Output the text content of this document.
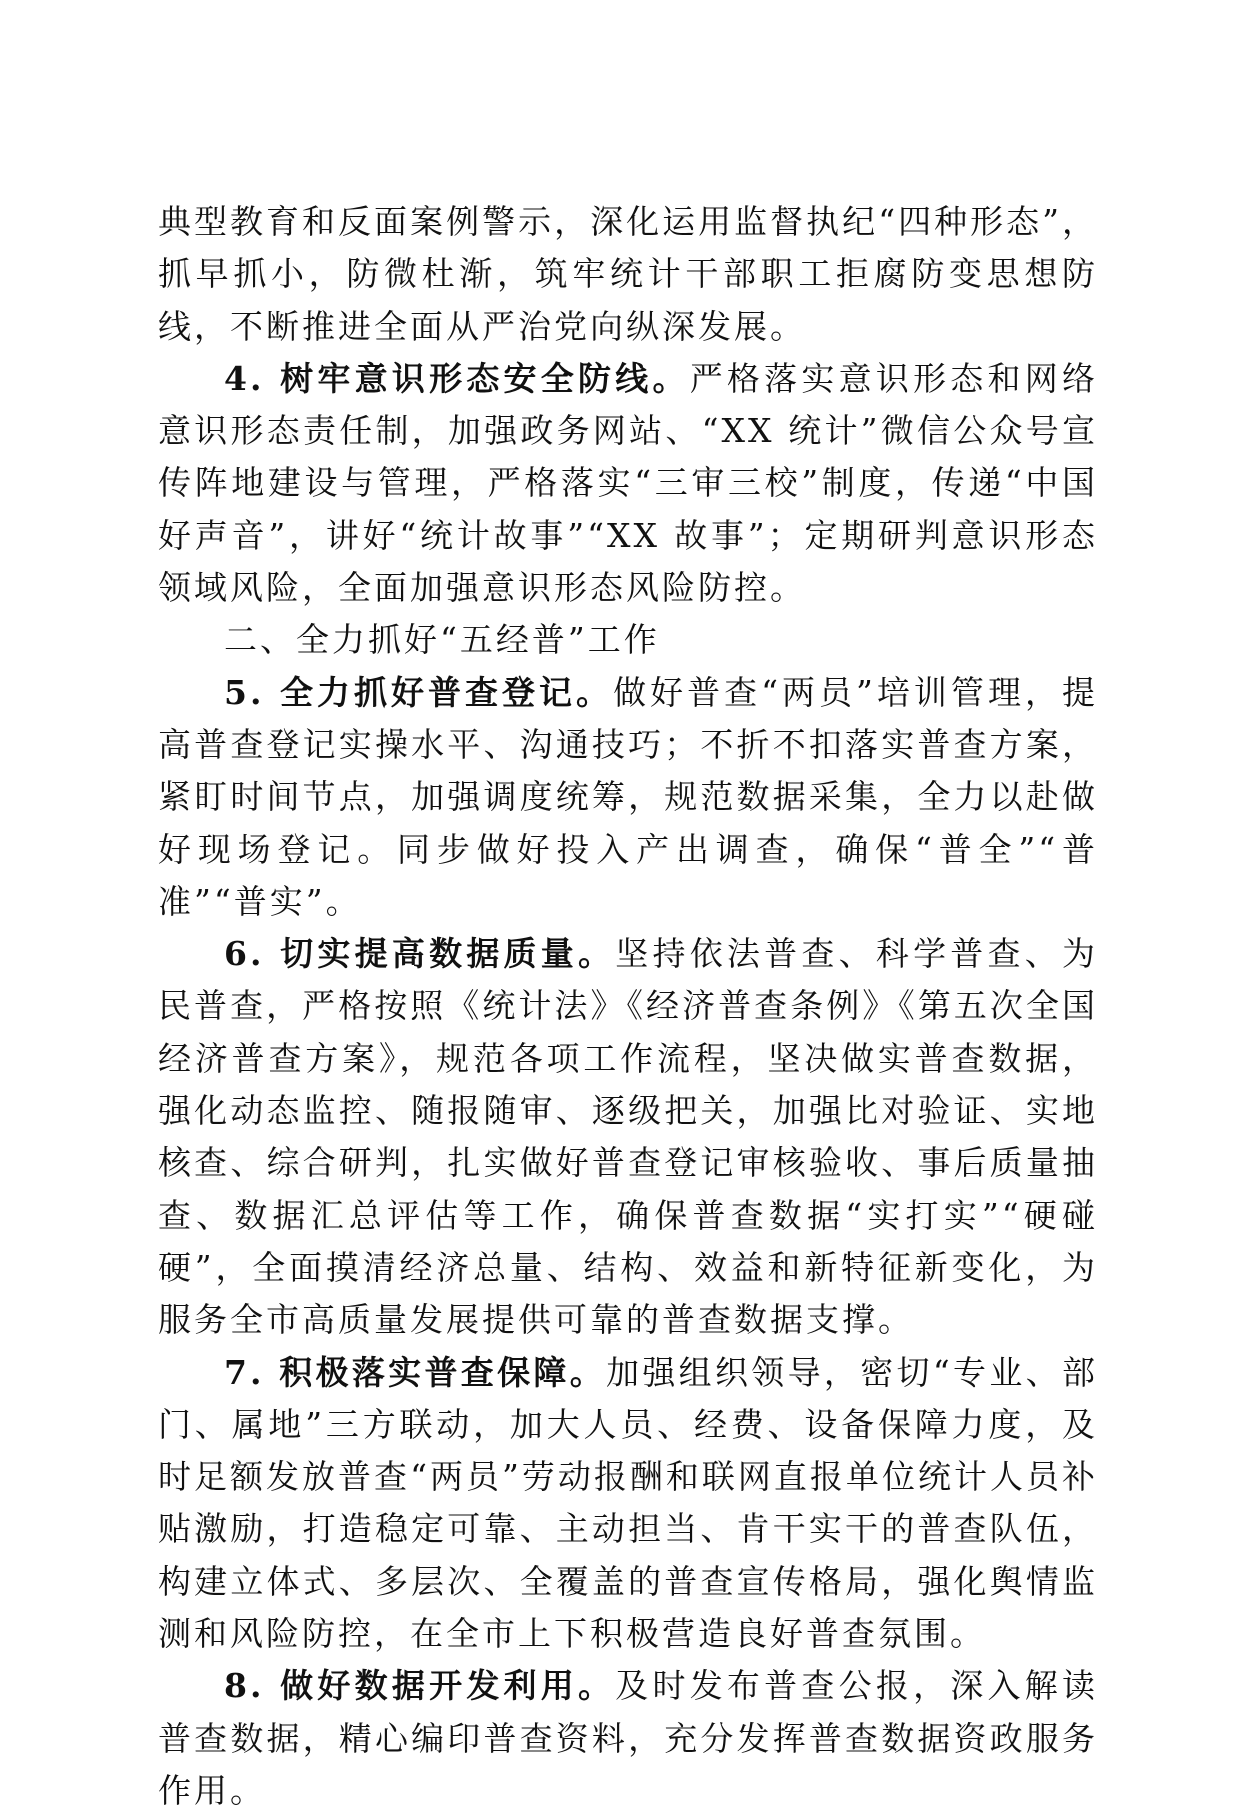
典型教育和反面案例警示，深化运用监督执纪“四种形态”，抓早抓小，防微杜渐，筑牢统计干部职工拒腐防变思想防线，不断推进全面从严治党向纵深发展。

4. 树牢意识形态安全防线。严格落实意识形态和网络意识形态责任制，加强政务网站、“XX 统计”微信公众号宣传阵地建设与管理，严格落实“三审三校”制度，传递“中国好声音”，讲好“统计故事”“XX 故事”；定期研判意识形态领域风险，全面加强意识形态风险防控。

二、全力抓好“五经普”工作

5. 全力抓好普查登记。做好普查“两员”培训管理，提高普查登记实操水平、沟通技巧；不折不扣落实普查方案，紧盯时间节点，加强调度统筹，规范数据采集，全力以赴做好现场登记。同步做好投入产出调查，确保“普全”“普准”“普实”。

6. 切实提高数据质量。坚持依法普查、科学普查、为民普查，严格按照《统计法》《经济普查条例》《第五次全国经济普查方案》，规范各项工作流程，坚决做实普查数据，强化动态监控、随报随审、逐级把关，加强比对验证、实地核查、综合研判，扎实做好普查登记审核验收、事后质量抽查、数据汇总评估等工作，确保普查数据“实打实”“硬碰硬”，全面摸清经济总量、结构、效益和新特征新变化，为服务全市高质量发展提供可靠的普查数据支撑。

7. 积极落实普查保障。加强组织领导，密切“专业、部门、属地”三方联动，加大人员、经费、设备保障力度，及时足额发放普查“两员”劳动报酬和联网直报单位统计人员补贴激励，打造稳定可靠、主动担当、肯干实干的普查队伍，构建立体式、多层次、全覆盖的普查宣传格局，强化舆情监测和风险防控，在全市上下积极营造良好普查氛围。

8. 做好数据开发利用。及时发布普查公报，深入解读普查数据，精心编印普查资料，充分发挥普查数据资政服务作用。
